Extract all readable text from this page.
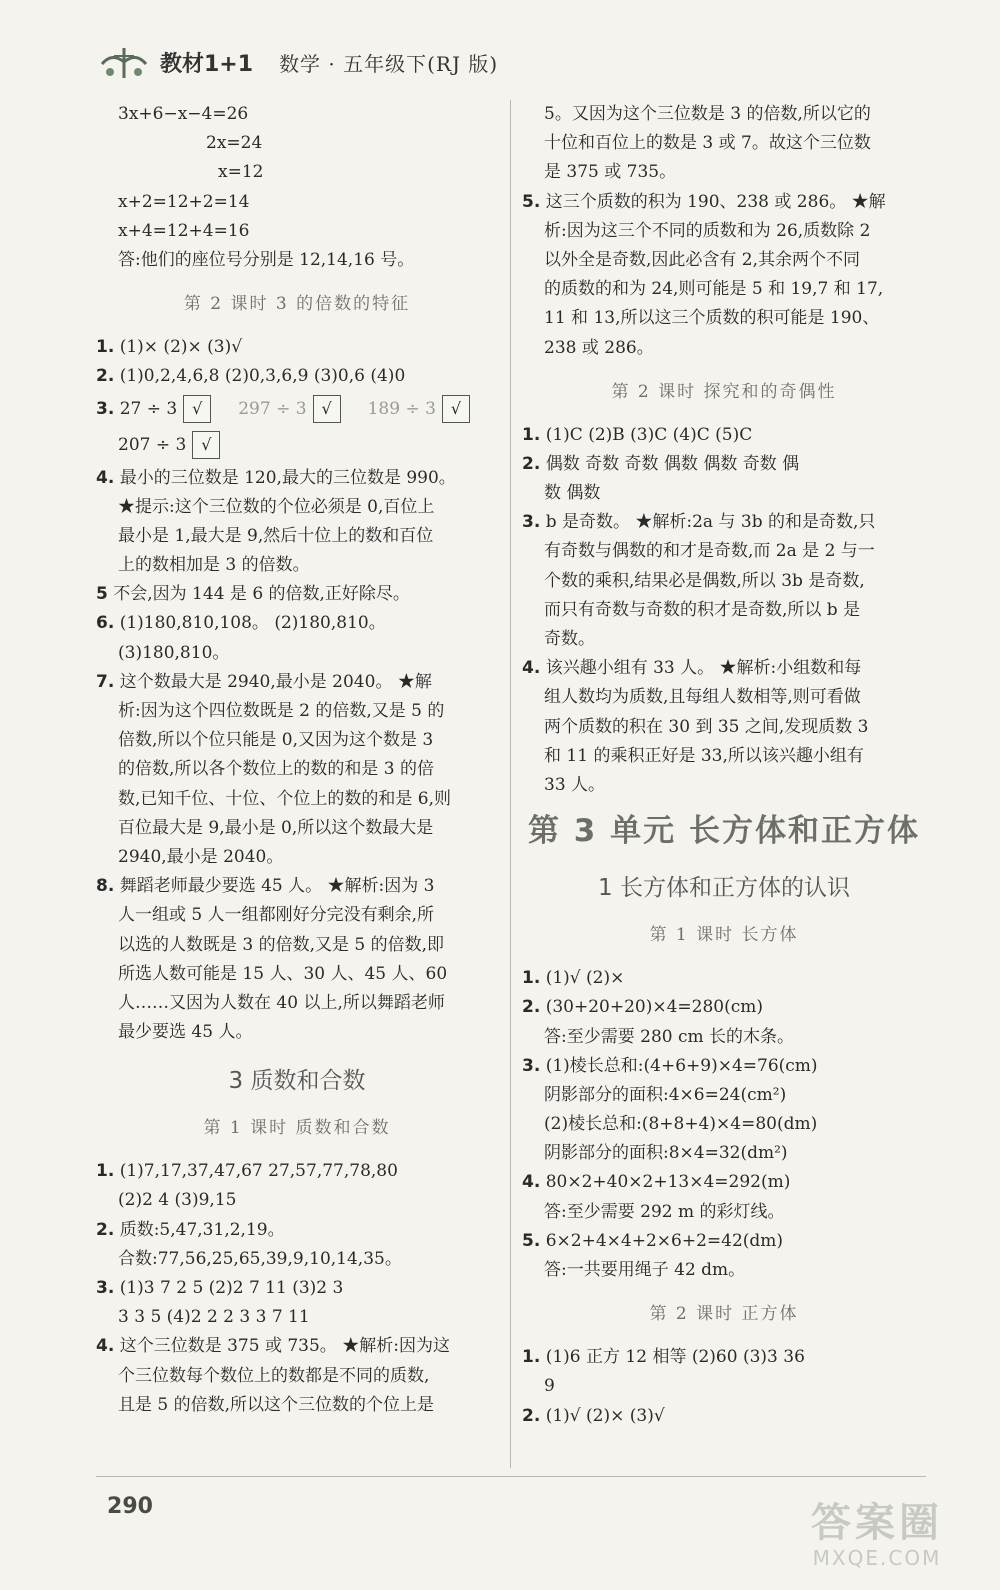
教材1+1 数学 · 五年级下(RJ 版)
3x+6−x−4=26
2x=24
x=12
x+2=12+2=14
x+4=12+4=16
答:他们的座位号分别是 12,14,16 号。
第 2 课时 3 的倍数的特征
1. (1)× (2)× (3)√
2. (1)0,2,4,6,8 (2)0,3,6,9 (3)0,6 (4)0
3. 27 ÷ 3 √ 297 ÷ 3 √ 189 ÷ 3 √
207 ÷ 3 √
4. 最小的三位数是 120,最大的三位数是 990。
★提示:这个三位数的个位必须是 0,百位上
最小是 1,最大是 9,然后十位上的数和百位
上的数相加是 3 的倍数。
5 不会,因为 144 是 6 的倍数,正好除尽。
6. (1)180,810,108。 (2)180,810。
(3)180,810。
7. 这个数最大是 2940,最小是 2040。 ★解
析:因为这个四位数既是 2 的倍数,又是 5 的
倍数,所以个位只能是 0,又因为这个数是 3
的倍数,所以各个数位上的数的和是 3 的倍
数,已知千位、十位、个位上的数的和是 6,则
百位最大是 9,最小是 0,所以这个数最大是
2940,最小是 2040。
8. 舞蹈老师最少要选 45 人。 ★解析:因为 3
人一组或 5 人一组都刚好分完没有剩余,所
以选的人数既是 3 的倍数,又是 5 的倍数,即
所选人数可能是 15 人、30 人、45 人、60
人……又因为人数在 40 以上,所以舞蹈老师
最少要选 45 人。
3 质数和合数
第 1 课时 质数和合数
1. (1)7,17,37,47,67 27,57,77,78,80
(2)2 4 (3)9,15
2. 质数:5,47,31,2,19。
合数:77,56,25,65,39,9,10,14,35。
3. (1)3 7 2 5 (2)2 7 11 (3)2 3
3 3 5 (4)2 2 2 3 3 7 11
4. 这个三位数是 375 或 735。 ★解析:因为这
个三位数每个数位上的数都是不同的质数,
且是 5 的倍数,所以这个三位数的个位上是
5。又因为这个三位数是 3 的倍数,所以它的
十位和百位上的数是 3 或 7。故这个三位数
是 375 或 735。
5. 这三个质数的积为 190、238 或 286。 ★解
析:因为这三个不同的质数和为 26,质数除 2
以外全是奇数,因此必含有 2,其余两个不同
的质数的和为 24,则可能是 5 和 19,7 和 17,
11 和 13,所以这三个质数的积可能是 190、
238 或 286。
第 2 课时 探究和的奇偶性
1. (1)C (2)B (3)C (4)C (5)C
2. 偶数 奇数 奇数 偶数 偶数 奇数 偶
数 偶数
3. b 是奇数。 ★解析:2a 与 3b 的和是奇数,只
有奇数与偶数的和才是奇数,而 2a 是 2 与一
个数的乘积,结果必是偶数,所以 3b 是奇数,
而只有奇数与奇数的积才是奇数,所以 b 是
奇数。
4. 该兴趣小组有 33 人。 ★解析:小组数和每
组人数均为质数,且每组人数相等,则可看做
两个质数的积在 30 到 35 之间,发现质数 3
和 11 的乘积正好是 33,所以该兴趣小组有
33 人。
第 3 单元 长方体和正方体
1 长方体和正方体的认识
第 1 课时 长方体
1. (1)√ (2)×
2. (30+20+20)×4=280(cm)
答:至少需要 280 cm 长的木条。
3. (1)棱长总和:(4+6+9)×4=76(cm)
阴影部分的面积:4×6=24(cm²)
(2)棱长总和:(8+8+4)×4=80(dm)
阴影部分的面积:8×4=32(dm²)
4. 80×2+40×2+13×4=292(m)
答:至少需要 292 m 的彩灯线。
5. 6×2+4×4+2×6+2=42(dm)
答:一共要用绳子 42 dm。
第 2 课时 正方体
1. (1)6 正方 12 相等 (2)60 (3)3 36
9
2. (1)√ (2)× (3)√
290	答案圈
MXQE.COM
